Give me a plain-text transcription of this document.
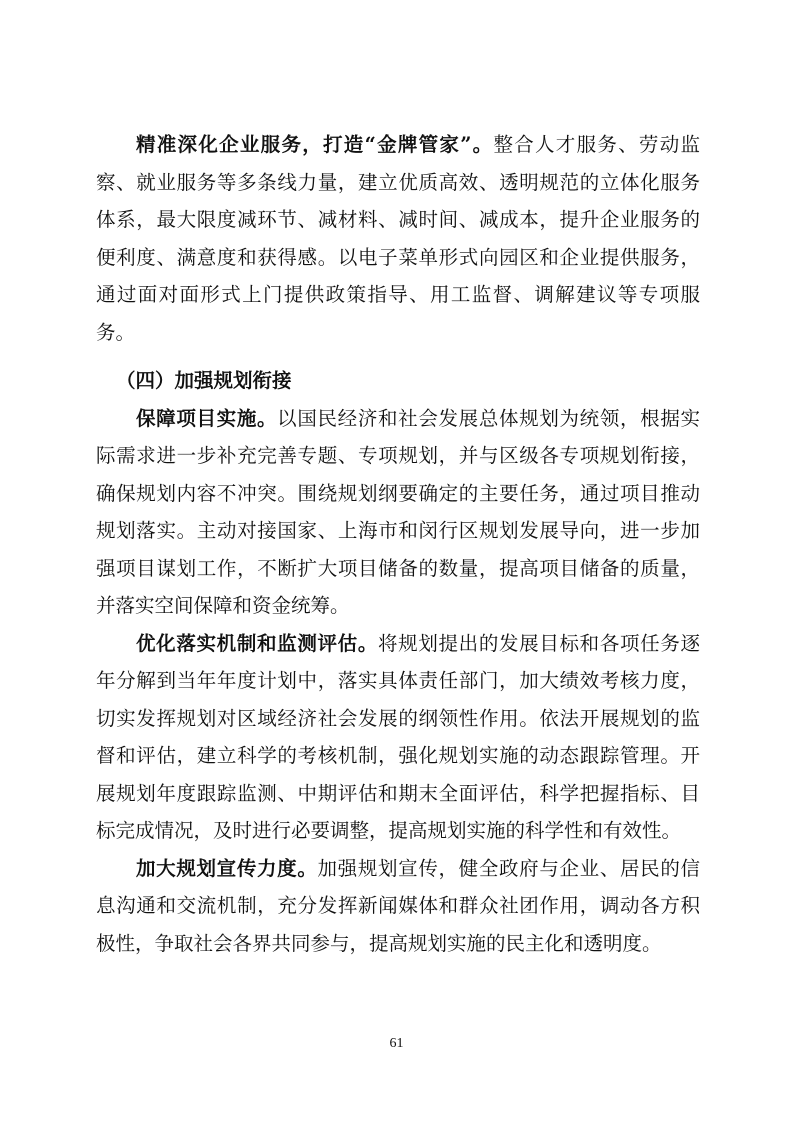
精准深化企业服务，打造“金牌管家”。整合人才服务、劳动监察、就业服务等多条线力量，建立优质高效、透明规范的立体化服务体系，最大限度减环节、减材料、减时间、减成本，提升企业服务的便利度、满意度和获得感。以电子菜单形式向园区和企业提供服务，通过面对面形式上门提供政策指导、用工监督、调解建议等专项服务。

（四）加强规划衔接

保障项目实施。以国民经济和社会发展总体规划为统领，根据实际需求进一步补充完善专题、专项规划，并与区级各专项规划衔接，确保规划内容不冲突。围绕规划纲要确定的主要任务，通过项目推动规划落实。主动对接国家、上海市和闵行区规划发展导向，进一步加强项目谋划工作，不断扩大项目储备的数量，提高项目储备的质量，并落实空间保障和资金统筹。

优化落实机制和监测评估。将规划提出的发展目标和各项任务逐年分解到当年年度计划中，落实具体责任部门，加大绩效考核力度，切实发挥规划对区域经济社会发展的纲领性作用。依法开展规划的监督和评估，建立科学的考核机制，强化规划实施的动态跟踪管理。开展规划年度跟踪监测、中期评估和期末全面评估，科学把握指标、目标完成情况，及时进行必要调整，提高规划实施的科学性和有效性。

加大规划宣传力度。加强规划宣传，健全政府与企业、居民的信息沟通和交流机制，充分发挥新闻媒体和群众社团作用，调动各方积极性，争取社会各界共同参与，提高规划实施的民主化和透明度。

61
